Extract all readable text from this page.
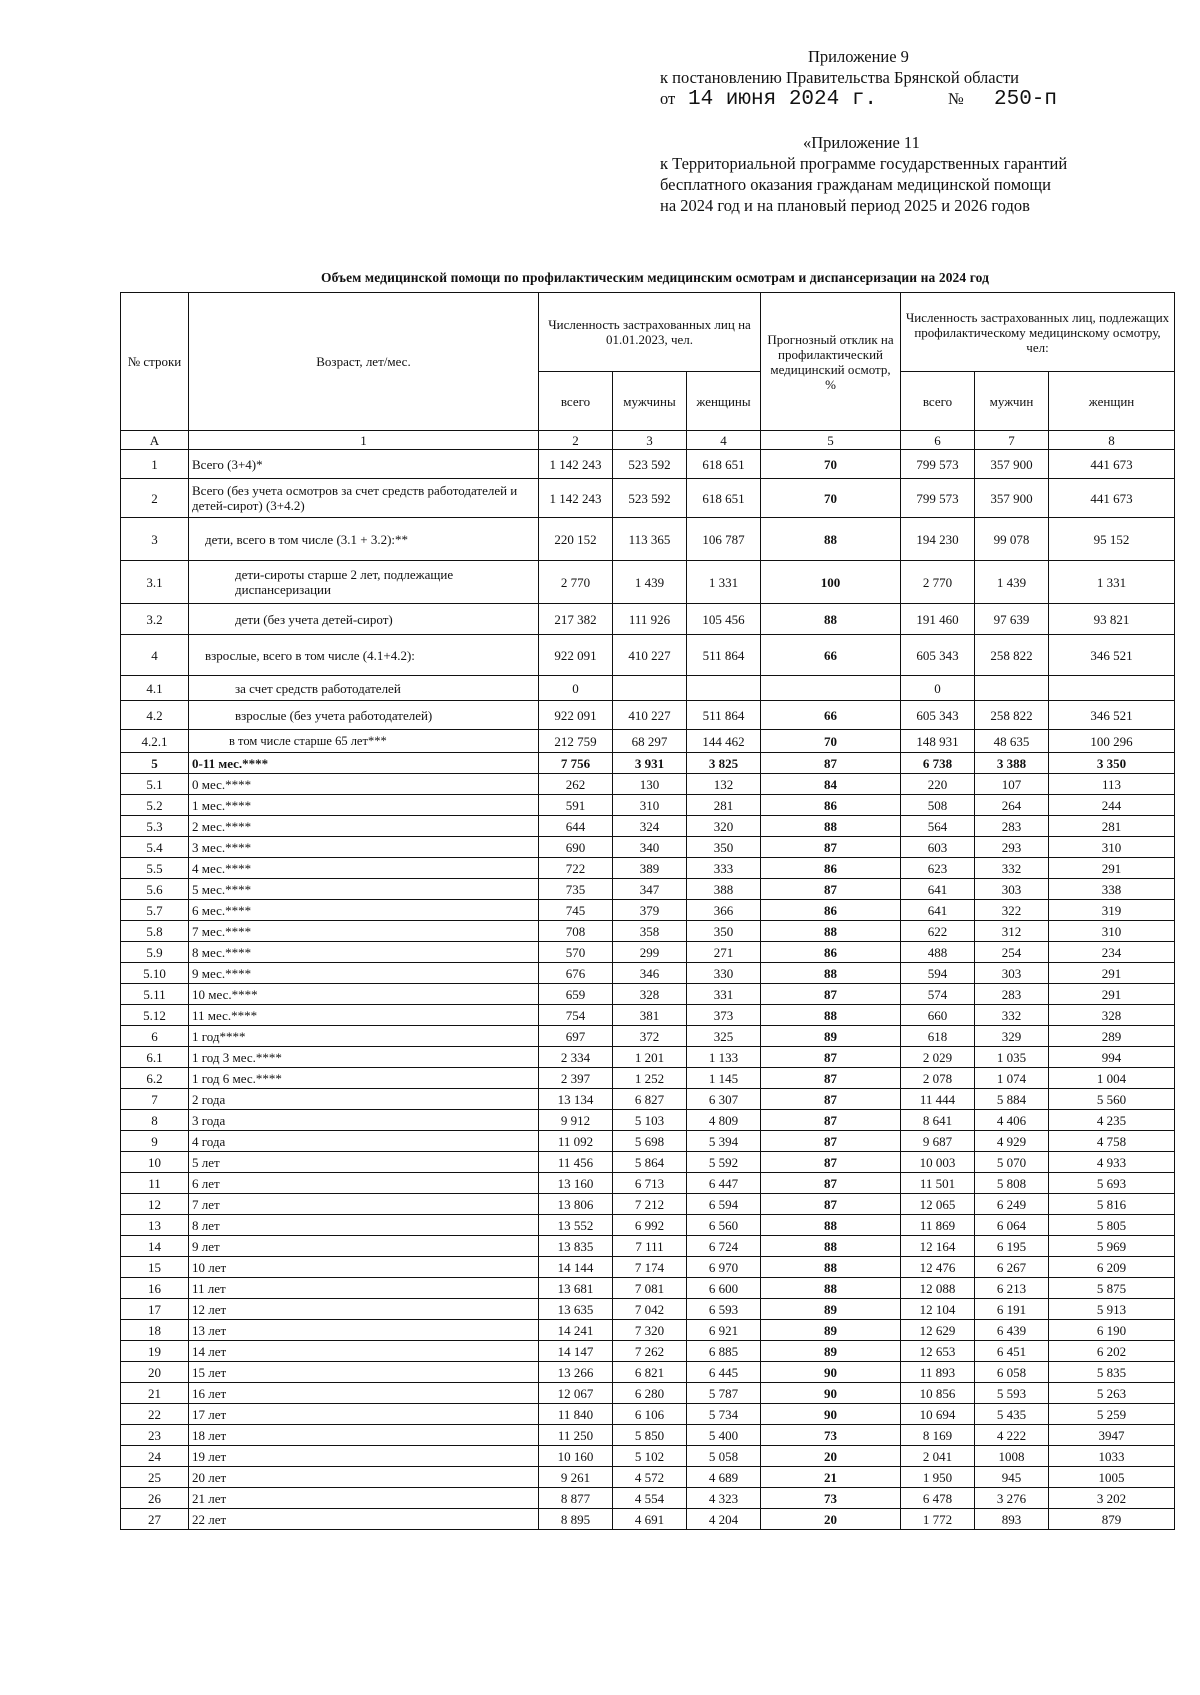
Приложение 9
к постановлению Правительства Брянской области
от 14 июня 2024 г.	№	250-п
«Приложение 11
к Территориальной программе государственных гарантий
бесплатного оказания гражданам медицинской помощи
на 2024 год и на плановый период 2025 и 2026 годов
Объем медицинской помощи по профилактическим медицинским осмотрам и диспансеризации на 2024 год
№ строки	Возраст, лет/мес.	Численность застрахованных лиц на 01.01.2023, чел.			Прогнозный отклик на профилактический медицинский осмотр, %	Численность застрахованных лиц, подлежащих профилактическому медицинскому осмотру, чел:		
		всего	мужчины	женщины		всего	мужчин	женщин
А	1	2	3	4	5	6	7	8
1	Всего (3+4)*	1 142 243	523 592	618 651	70	799 573	357 900	441 673
2	Всего (без учета осмотров за счет средств работодателей и детей-сирот) (3+4.2)	1 142 243	523 592	618 651	70	799 573	357 900	441 673
3	дети, всего в том числе (3.1 + 3.2):**	220 152	113 365	106 787	88	194 230	99 078	95 152
3.1	дети-сироты старше 2 лет, подлежащие диспансеризации	2 770	1 439	1 331	100	2 770	1 439	1 331
3.2	дети (без учета детей-сирот)	217 382	111 926	105 456	88	191 460	97 639	93 821
4	взрослые, всего в том числе (4.1+4.2):	922 091	410 227	511 864	66	605 343	258 822	346 521
4.1	за счет средств работодателей	0				0		
4.2	взрослые (без учета работодателей)	922 091	410 227	511 864	66	605 343	258 822	346 521
4.2.1	в том числе старше 65 лет***	212 759	68 297	144 462	70	148 931	48 635	100 296
5	0-11 мес.****	7 756	3 931	3 825	87	6 738	3 388	3 350
5.1	0 мес.****	262	130	132	84	220	107	113
5.2	1 мес.****	591	310	281	86	508	264	244
5.3	2 мес.****	644	324	320	88	564	283	281
5.4	3 мес.****	690	340	350	87	603	293	310
5.5	4 мес.****	722	389	333	86	623	332	291
5.6	5 мес.****	735	347	388	87	641	303	338
5.7	6 мес.****	745	379	366	86	641	322	319
5.8	7 мес.****	708	358	350	88	622	312	310
5.9	8 мес.****	570	299	271	86	488	254	234
5.10	9 мес.****	676	346	330	88	594	303	291
5.11	10 мес.****	659	328	331	87	574	283	291
5.12	11 мес.****	754	381	373	88	660	332	328
6	1 год****	697	372	325	89	618	329	289
6.1	1 год 3 мес.****	2 334	1 201	1 133	87	2 029	1 035	994
6.2	1 год 6 мес.****	2 397	1 252	1 145	87	2 078	1 074	1 004
7	2 года	13 134	6 827	6 307	87	11 444	5 884	5 560
8	3 года	9 912	5 103	4 809	87	8 641	4 406	4 235
9	4 года	11 092	5 698	5 394	87	9 687	4 929	4 758
10	5 лет	11 456	5 864	5 592	87	10 003	5 070	4 933
11	6 лет	13 160	6 713	6 447	87	11 501	5 808	5 693
12	7 лет	13 806	7 212	6 594	87	12 065	6 249	5 816
13	8 лет	13 552	6 992	6 560	88	11 869	6 064	5 805
14	9 лет	13 835	7 111	6 724	88	12 164	6 195	5 969
15	10 лет	14 144	7 174	6 970	88	12 476	6 267	6 209
16	11 лет	13 681	7 081	6 600	88	12 088	6 213	5 875
17	12 лет	13 635	7 042	6 593	89	12 104	6 191	5 913
18	13 лет	14 241	7 320	6 921	89	12 629	6 439	6 190
19	14 лет	14 147	7 262	6 885	89	12 653	6 451	6 202
20	15 лет	13 266	6 821	6 445	90	11 893	6 058	5 835
21	16 лет	12 067	6 280	5 787	90	10 856	5 593	5 263
22	17 лет	11 840	6 106	5 734	90	10 694	5 435	5 259
23	18 лет	11 250	5 850	5 400	73	8 169	4 222	3947
24	19 лет	10 160	5 102	5 058	20	2 041	1008	1033
25	20 лет	9 261	4 572	4 689	21	1 950	945	1005
26	21 лет	8 877	4 554	4 323	73	6 478	3 276	3 202
27	22 лет	8 895	4 691	4 204	20	1 772	893	879
